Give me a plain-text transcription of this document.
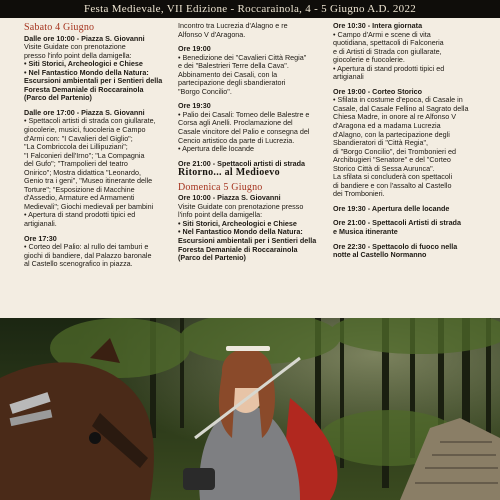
Festa Medievale, VII Edizione - Roccarainola, 4 - 5 Giugno A.D. 2022
Sabato 4 Giugno
Dalle ore 10:00 - Piazza S. Giovanni
Visite Guidate con prenotazione
presso l'info point della damigella:
• Siti Storici, Archeologici e Chiese
• Nel Fantastico Mondo della Natura:
Escursioni ambientali per i Sentieri della
Foresta Demaniale di Roccarainola
(Parco del Partenio)
Dalle ore 17:00 - Piazza S. Giovanni
• Spettacoli artisti di strada con giullarate,
giocolerie, musici, fuocoleria e Campo
d'Armi con: "I Cavalieri del Giglio";
"La Combriccola dei Lillipuziani";
"I Falconieri dell'Irno"; "La Compagnia
del Gufo"; "Trampolieri del teatro
Onirico"; Mostra didattica "Leonardo,
Genio tra i geni", "Museo itinerante delle
Torture"; "Esposizione di Macchine
d'Assedio, Armature ed Armamenti
Medievali"; Giochi medievali per bambini
• Apertura di stand prodotti tipici ed
artigianali.
Ore 17:30
• Corteo del Palio: al rullo dei tamburi e
giochi di bandiere, dal Palazzo baronale
al Castello scenografico in piazza.
Incontro tra Lucrezia d'Alagno e re
Alfonso V d'Aragona.
Ore 19:00
• Benedizione dei "Cavalieri Città Regia"
e dei "Balestrieri Terre della Cava".
Abbinamento dei Casali, con la
partecipazione degli sbandieratori
"Borgo Concilio".
Ore 19:30
• Palio dei Casali: Torneo delle Balestre e
Corsa agli Anelli. Proclamazione del
Casale vincitore del Palio e consegna del
Cencio artistico da parte di Lucrezia.
• Apertura delle locande
Ore 21:00 - Spettacoli artisti di strada
Ritorno... al Medioevo
Domenica 5 Giugno
Ore 10:00 - Piazza S. Giovanni
Visite Guidate con prenotazione presso
l'info point della damigella:
• Siti Storici, Archeologici e Chiese
• Nel Fantastico Mondo della Natura:
Escursioni ambientali per i Sentieri della
Foresta Demaniale di Roccarainola
(Parco del Partenio)
Ore 10:30 - Intera giornata
• Campo d'Armi e scene di vita
quotidiana, spettacoli di Falconeria
e di Artisti di Strada con giullarate,
giocolerie e fuocolerie.
• Apertura di stand prodotti tipici ed
artigianali
Ore 19:00 - Corteo Storico
• Sfilata in costume d'epoca, di Casale in
Casale, dal Casale Fellino al Sagrato della
Chiesa Madre, in onore al re Alfonso V
d'Aragona ed a madama Lucrezia
d'Alagno, con la partecipazione degli
Sbandieratori di "Città Regia",
di "Borgo Concilio", dei Trombonieri ed
Archibugieri "Senatore" e del "Corteo
Storico Città di Sessa Aurunca".
La sfilata si concluderà con spettacoli
di bandiere e con l'assalto al Castello
dei Trombonieri.
Ore 19:30 - Apertura delle locande
Ore 21:00 - Spettacoli Artisti di strada
e Musica itinerante
Ore 22:30 - Spettacolo di fuoco nella
notte al Castello Normanno
